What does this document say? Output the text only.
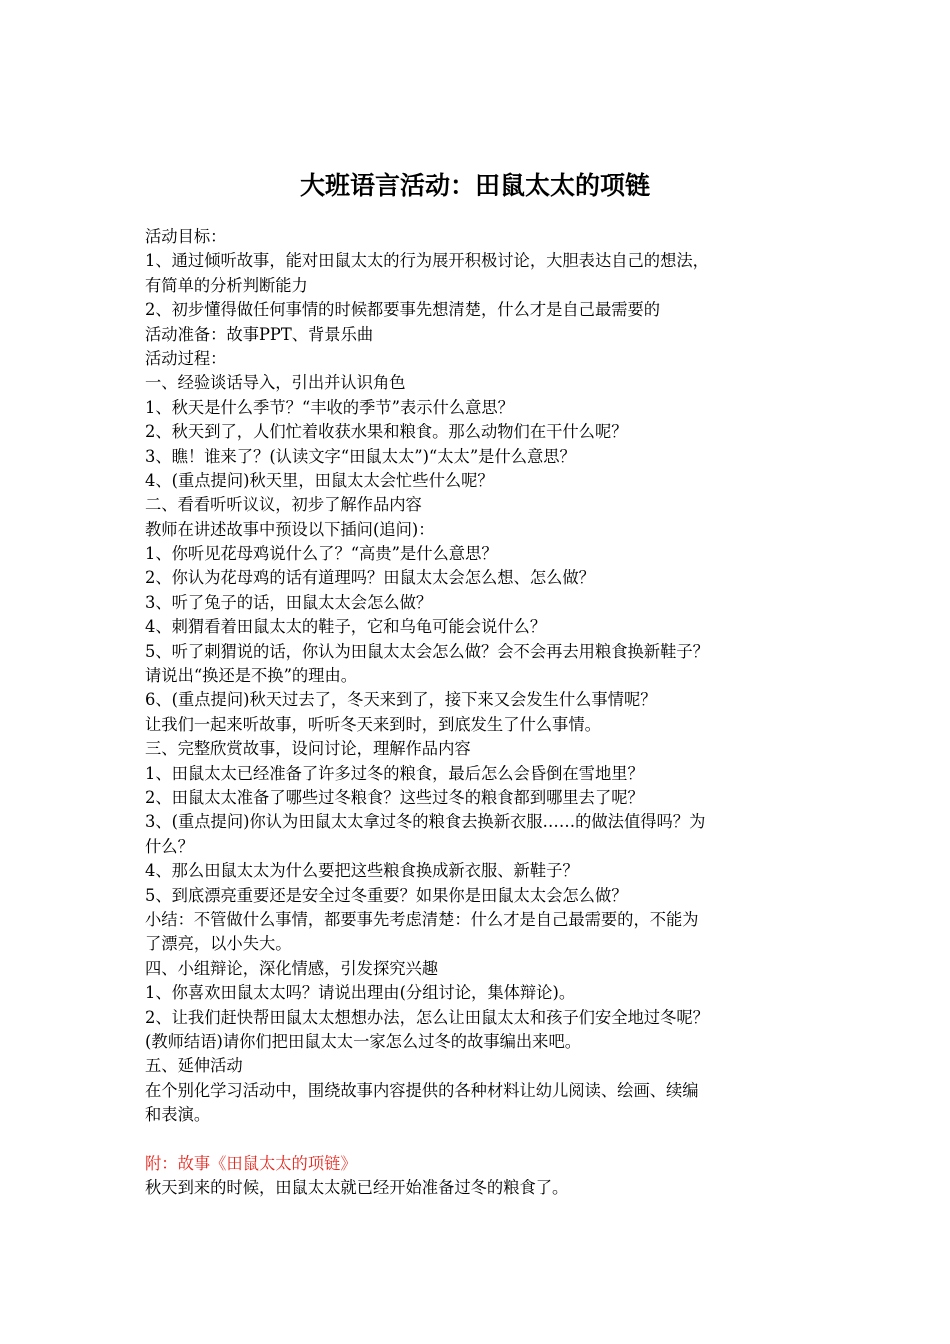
大班语言活动：田鼠太太的项链
活动目标：
1、通过倾听故事，能对田鼠太太的行为展开积极讨论，大胆表达自己的想法，
有简单的分析判断能力
2、初步懂得做任何事情的时候都要事先想清楚，什么才是自己最需要的
活动准备：故事PPT、背景乐曲
活动过程：
一、经验谈话导入，引出并认识角色
1、秋天是什么季节？“丰收的季节”表示什么意思？
2、秋天到了，人们忙着收获水果和粮食。那么动物们在干什么呢？
3、瞧！谁来了？(认读文字“田鼠太太”)“太太”是什么意思？
4、(重点提问)秋天里，田鼠太太会忙些什么呢？
二、看看听听议议，初步了解作品内容
教师在讲述故事中预设以下插问(追问)：
1、你听见花母鸡说什么了？“高贵”是什么意思？
2、你认为花母鸡的话有道理吗？田鼠太太会怎么想、怎么做？
3、听了兔子的话，田鼠太太会怎么做？
4、刺猬看着田鼠太太的鞋子，它和乌龟可能会说什么？
5、听了刺猬说的话，你认为田鼠太太会怎么做？会不会再去用粮食换新鞋子？
请说出“换还是不换”的理由。
6、(重点提问)秋天过去了，冬天来到了，接下来又会发生什么事情呢？
让我们一起来听故事，听听冬天来到时，到底发生了什么事情。
三、完整欣赏故事，设问讨论，理解作品内容
1、田鼠太太已经准备了许多过冬的粮食，最后怎么会昏倒在雪地里？
2、田鼠太太准备了哪些过冬粮食？这些过冬的粮食都到哪里去了呢？
3、(重点提问)你认为田鼠太太拿过冬的粮食去换新衣服……的做法值得吗？为
什么？
4、那么田鼠太太为什么要把这些粮食换成新衣服、新鞋子？
5、到底漂亮重要还是安全过冬重要？如果你是田鼠太太会怎么做？
小结：不管做什么事情，都要事先考虑清楚：什么才是自己最需要的，不能为
了漂亮，以小失大。
四、小组辩论，深化情感，引发探究兴趣
1、你喜欢田鼠太太吗？请说出理由(分组讨论，集体辩论)。
2、让我们赶快帮田鼠太太想想办法，怎么让田鼠太太和孩子们安全地过冬呢？
(教师结语)请你们把田鼠太太一家怎么过冬的故事编出来吧。
五、延伸活动
在个别化学习活动中，围绕故事内容提供的各种材料让幼儿阅读、绘画、续编
和表演。
附：故事《田鼠太太的项链》
秋天到来的时候，田鼠太太就已经开始准备过冬的粮食了。
